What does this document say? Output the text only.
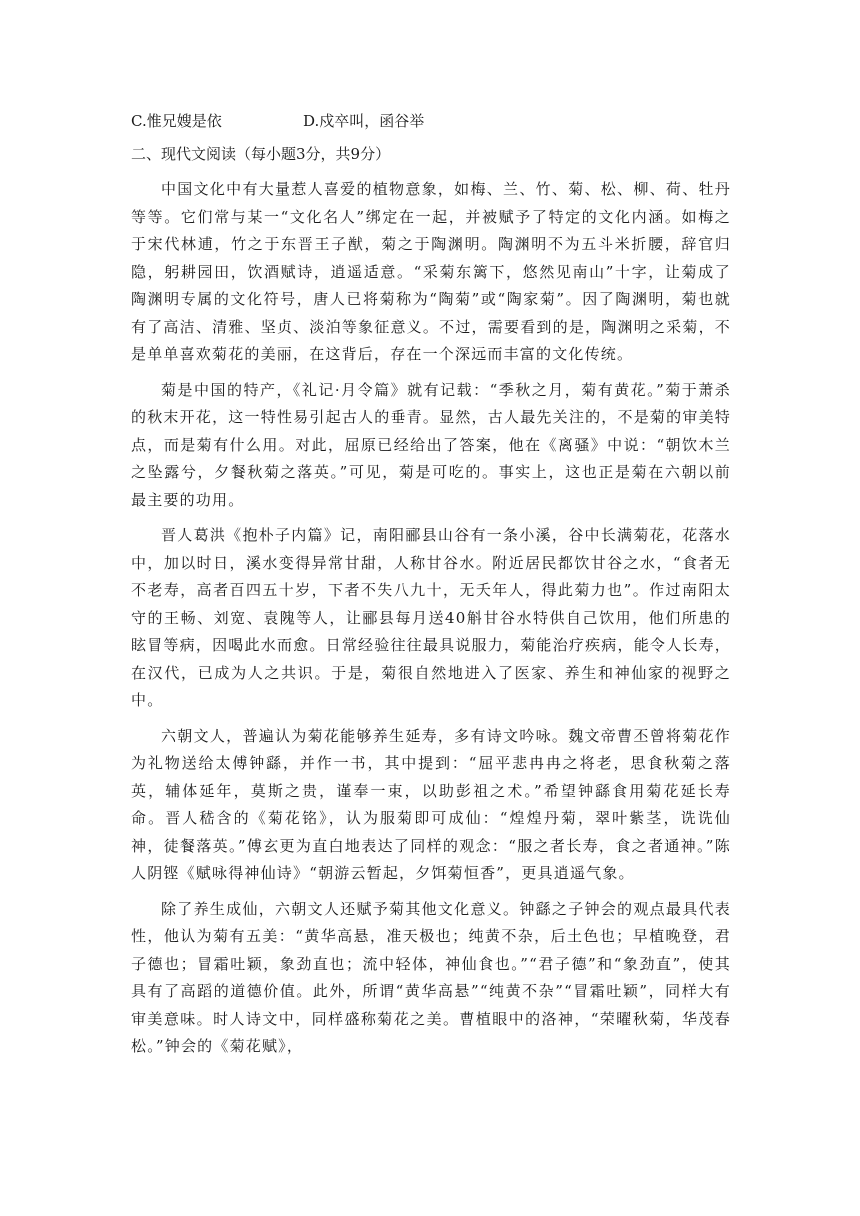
C.惟兄嫂是依	D.戍卒叫，函谷举
二、现代文阅读（每小题3分，共9分）

中国文化中有大量惹人喜爱的植物意象，如梅、兰、竹、菊、松、柳、荷、牡丹等等。它们常与某一“文化名人”绑定在一起，并被赋予了特定的文化内涵。如梅之于宋代林逋，竹之于东晋王子猷，菊之于陶渊明。陶渊明不为五斗米折腰，辞官归隐，躬耕园田，饮酒赋诗，逍遥适意。“采菊东篱下，悠然见南山”十字，让菊成了陶渊明专属的文化符号，唐人已将菊称为“陶菊”或“陶家菊”。因了陶渊明，菊也就有了高洁、清雅、坚贞、淡泊等象征意义。不过，需要看到的是，陶渊明之采菊，不是单单喜欢菊花的美丽，在这背后，存在一个深远而丰富的文化传统。

菊是中国的特产，《礼记·月令篇》就有记载：“季秋之月，菊有黄花。”菊于萧杀的秋末开花，这一特性易引起古人的垂青。显然，古人最先关注的，不是菊的审美特点，而是菊有什么用。对此，屈原已经给出了答案，他在《离骚》中说：“朝饮木兰之坠露兮，夕餐秋菊之落英。”可见，菊是可吃的。事实上，这也正是菊在六朝以前最主要的功用。

晋人葛洪《抱朴子内篇》记，南阳郦县山谷有一条小溪，谷中长满菊花，花落水中，加以时日，溪水变得异常甘甜，人称甘谷水。附近居民都饮甘谷之水，“食者无不老寿，高者百四五十岁，下者不失八九十，无夭年人，得此菊力也”。作过南阳太守的王畅、刘宽、袁隗等人，让郦县每月送40斛甘谷水特供自己饮用，他们所患的眩冒等病，因喝此水而愈。日常经验往往最具说服力，菊能治疗疾病，能令人长寿，在汉代，已成为人之共识。于是，菊很自然地进入了医家、养生和神仙家的视野之中。

六朝文人，普遍认为菊花能够养生延寿，多有诗文吟咏。魏文帝曹丕曾将菊花作为礼物送给太傅钟繇，并作一书，其中提到：“屈平悲冉冉之将老，思食秋菊之落英，辅体延年，莫斯之贵，谨奉一束，以助彭祖之术。”希望钟繇食用菊花延长寿命。晋人嵇含的《菊花铭》，认为服菊即可成仙：“煌煌丹菊，翠叶紫茎，诜诜仙神，徒餐落英。”傅玄更为直白地表达了同样的观念：“服之者长寿，食之者通神。”陈人阴铿《赋咏得神仙诗》“朝游云暂起，夕饵菊恒香”，更具逍遥气象。

除了养生成仙，六朝文人还赋予菊其他文化意义。钟繇之子钟会的观点最具代表性，他认为菊有五美：“黄华高悬，准天极也；纯黄不杂，后土色也；早植晚登，君子德也；冒霜吐颖，象劲直也；流中轻体，神仙食也。”“君子德”和“象劲直”，使其具有了高蹈的道德价值。此外，所谓“黄华高悬”“纯黄不杂”“冒霜吐颖”，同样大有审美意味。时人诗文中，同样盛称菊花之美。曹植眼中的洛神，“荣曜秋菊，华茂春松。”钟会的《菊花赋》，
